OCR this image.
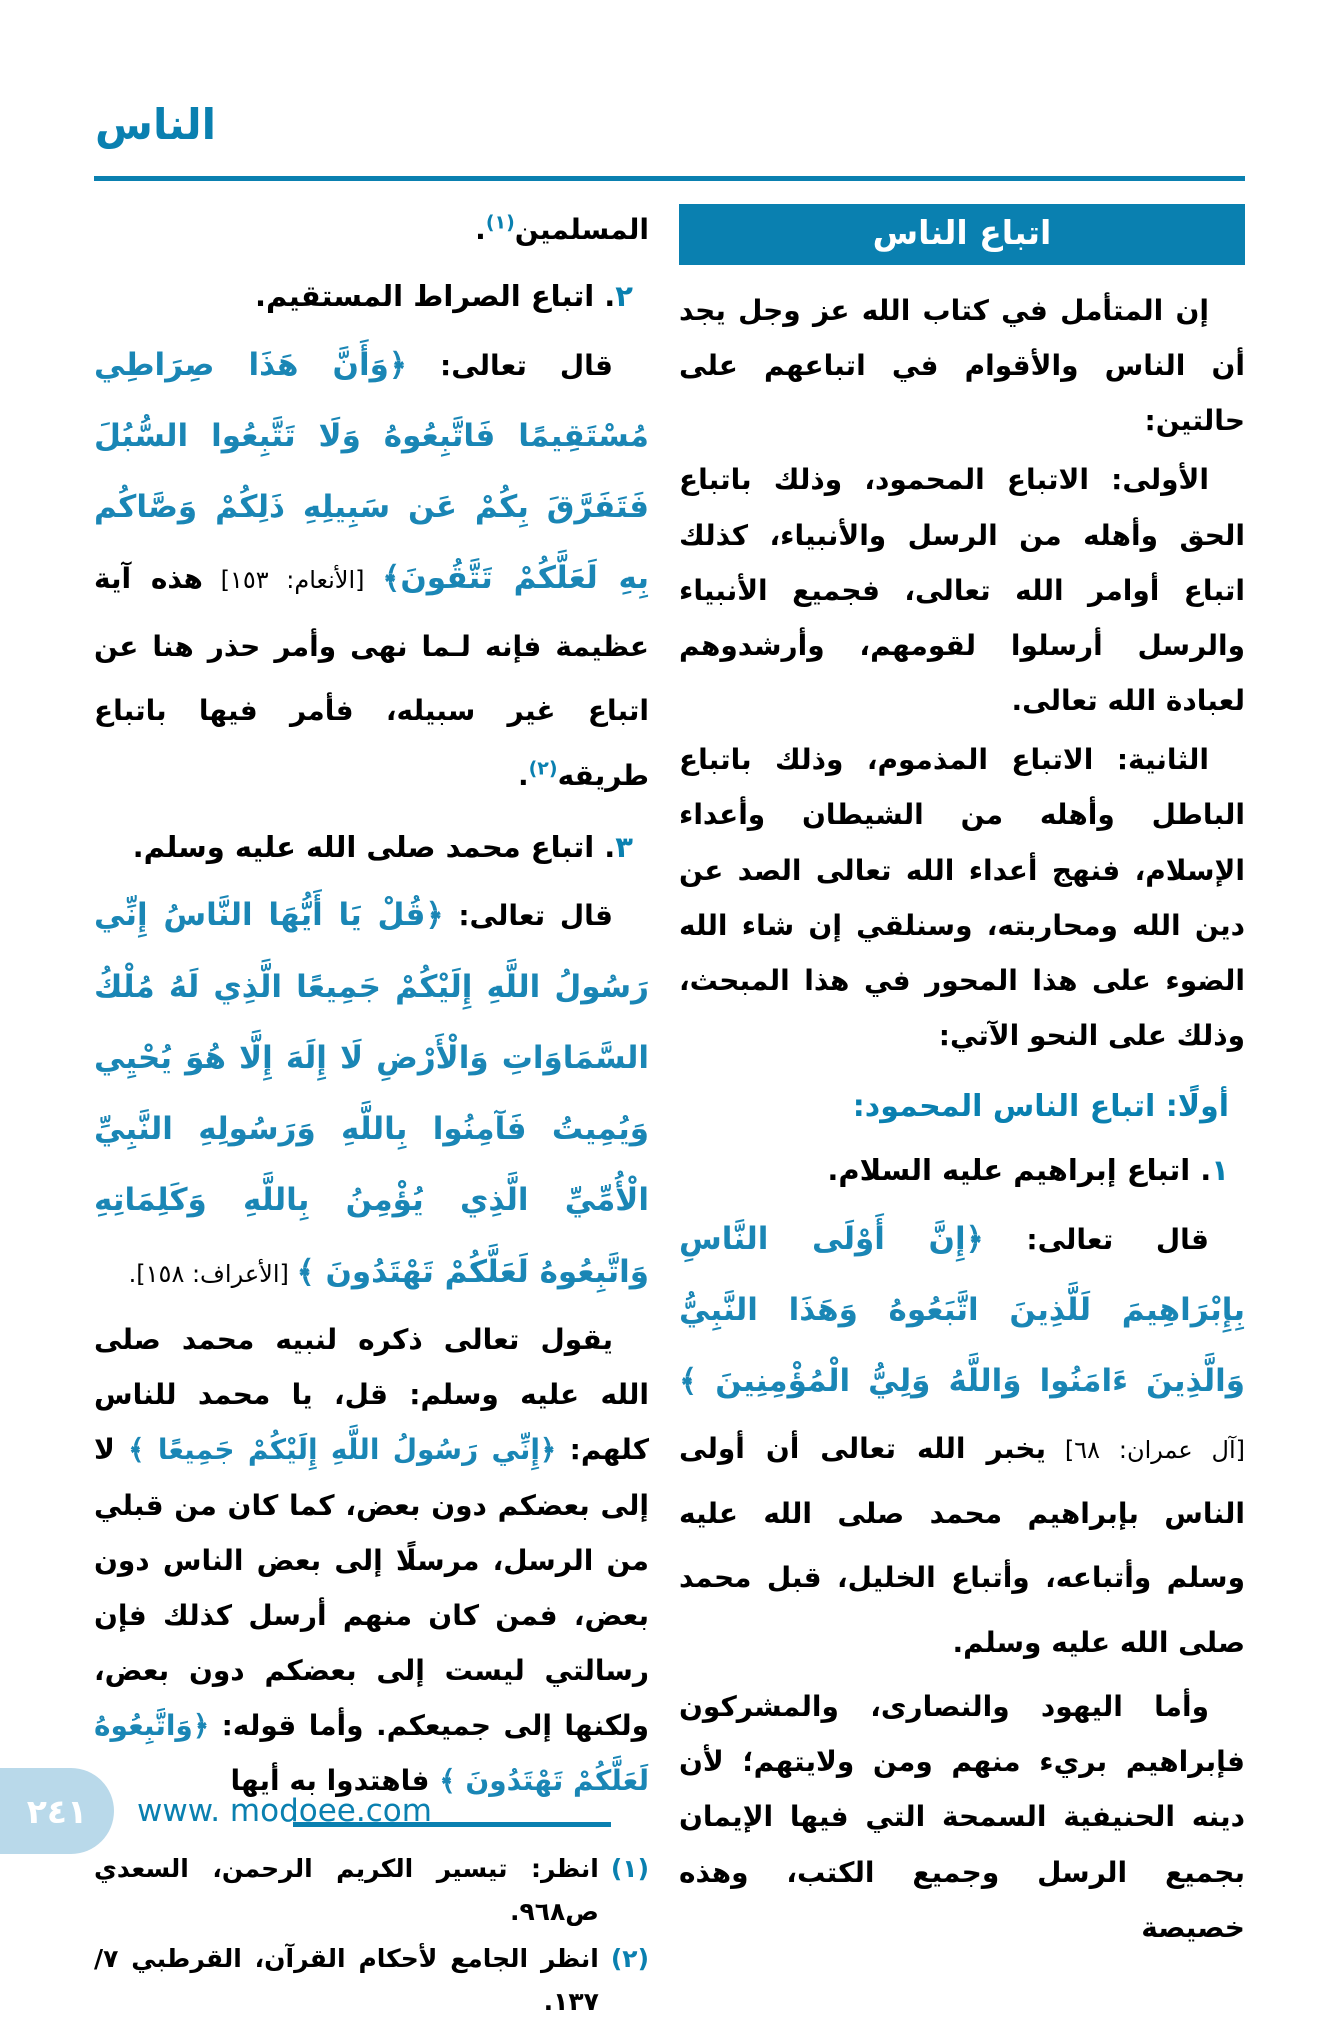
الناس
اتباع الناس

إن المتأمل في كتاب الله عز وجل يجد أن الناس والأقوام في اتباعهم على حالتين:

الأولى: الاتباع المحمود، وذلك باتباع الحق وأهله من الرسل والأنبياء، كذلك اتباع أوامر الله تعالى، فجميع الأنبياء والرسل أرسلوا لقومهم، وأرشدوهم لعبادة الله تعالى.

الثانية: الاتباع المذموم، وذلك باتباع الباطل وأهله من الشيطان وأعداء الإسلام، فنهج أعداء الله تعالى الصد عن دين الله ومحاربته، وسنلقي إن شاء الله الضوء على هذا المحور في هذا المبحث، وذلك على النحو الآتي:

أولًا: اتباع الناس المحمود:

١. اتباع إبراهيم عليه السلام.

قال تعالى: ﴿إِنَّ أَوْلَى النَّاسِ بِإِبْرَاهِيمَ لَلَّذِينَ اتَّبَعُوهُ وَهَذَا النَّبِيُّ وَالَّذِينَ ءَامَنُوا وَاللَّهُ وَلِيُّ الْمُؤْمِنِينَ ﴾ [آل عمران: ٦٨] يخبر الله تعالى أن أولى الناس بإبراهيم محمد صلى الله عليه وسلم وأتباعه، وأتباع الخليل، قبل محمد صلى الله عليه وسلم.

وأما اليهود والنصارى، والمشركون فإبراهيم بريء منهم ومن ولايتهم؛ لأن دينه الحنيفية السمحة التي فيها الإيمان بجميع الرسل وجميع الكتب، وهذه خصيصة

المسلمين$^{(١)}$.

٢. اتباع الصراط المستقيم.

قال تعالى: ﴿وَأَنَّ هَذَا صِرَاطِي مُسْتَقِيمًا فَاتَّبِعُوهُ وَلَا تَتَّبِعُوا السُّبُلَ فَتَفَرَّقَ بِكُمْ عَن سَبِيلِهِ ذَلِكُمْ وَصَّاكُم بِهِ لَعَلَّكُمْ تَتَّقُونَ﴾ [الأنعام: ١٥٣] هذه آية عظيمة فإنه لـما نهى وأمر حذر هنا عن اتباع غير سبيله، فأمر فيها باتباع طريقه$^{(٢)}$.

٣. اتباع محمد صلى الله عليه وسلم.

قال تعالى: ﴿قُلْ يَا أَيُّهَا النَّاسُ إِنِّي رَسُولُ اللَّهِ إِلَيْكُمْ جَمِيعًا الَّذِي لَهُ مُلْكُ السَّمَاوَاتِ وَالْأَرْضِ لَا إِلَهَ إِلَّا هُوَ يُحْيِي وَيُمِيتُ فَآمِنُوا بِاللَّهِ وَرَسُولِهِ النَّبِيِّ الْأُمِّيِّ الَّذِي يُؤْمِنُ بِاللَّهِ وَكَلِمَاتِهِ وَاتَّبِعُوهُ لَعَلَّكُمْ تَهْتَدُونَ ﴾ [الأعراف: ١٥٨].

يقول تعالى ذكره لنبيه محمد صلى الله عليه وسلم: قل، يا محمد للناس كلهم: ﴿إِنِّي رَسُولُ اللَّهِ إِلَيْكُمْ جَمِيعًا ﴾ لا إلى بعضكم دون بعض، كما كان من قبلي من الرسل، مرسلًا إلى بعض الناس دون بعض، فمن كان منهم أرسل كذلك فإن رسالتي ليست إلى بعضكم دون بعض، ولكنها إلى جميعكم. وأما قوله: ﴿وَاتَّبِعُوهُ لَعَلَّكُمْ تَهْتَدُونَ ﴾ فاهتدوا به أيها

(١)
انظر: تيسير الكريم الرحمن، السعدي ص٩٦٨.
(٢)
انظر الجامع لأحكام القرآن، القرطبي ٧/ ١٣٧.
٢٤١	www. modoee.com
